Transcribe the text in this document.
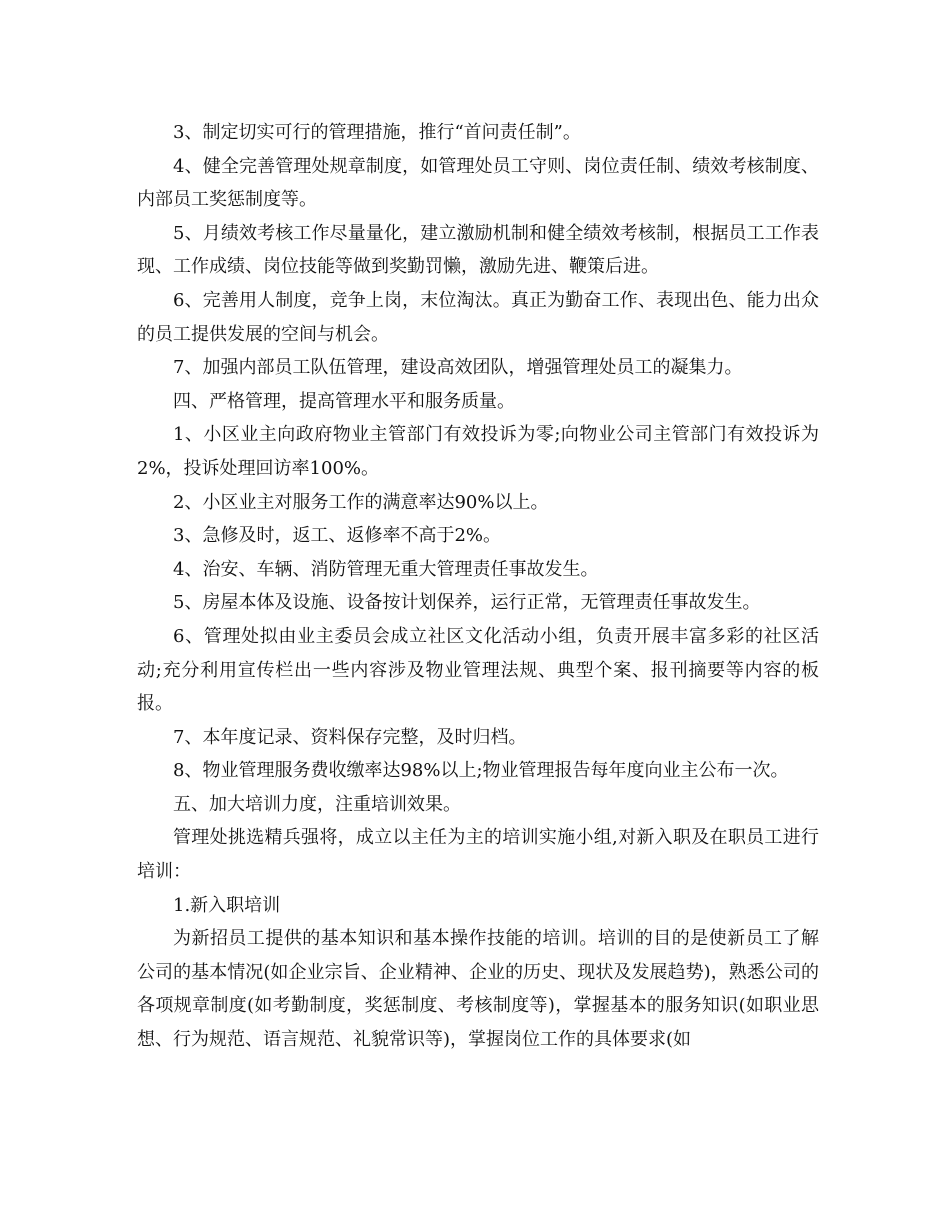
3、制定切实可行的管理措施，推行“首问责任制”。

4、健全完善管理处规章制度，如管理处员工守则、岗位责任制、绩效考核制度、内部员工奖惩制度等。

5、月绩效考核工作尽量量化，建立激励机制和健全绩效考核制，根据员工工作表现、工作成绩、岗位技能等做到奖勤罚懒，激励先进、鞭策后进。

6、完善用人制度，竞争上岗，末位淘汰。真正为勤奋工作、表现出色、能力出众的员工提供发展的空间与机会。

7、加强内部员工队伍管理，建设高效团队，增强管理处员工的凝集力。

四、严格管理，提高管理水平和服务质量。

1、小区业主向政府物业主管部门有效投诉为零;向物业公司主管部门有效投诉为2%，投诉处理回访率100%。

2、小区业主对服务工作的满意率达90%以上。

3、急修及时，返工、返修率不高于2%。

4、治安、车辆、消防管理无重大管理责任事故发生。

5、房屋本体及设施、设备按计划保养，运行正常，无管理责任事故发生。

6、管理处拟由业主委员会成立社区文化活动小组，负责开展丰富多彩的社区活动;充分利用宣传栏出一些内容涉及物业管理法规、典型个案、报刊摘要等内容的板报。

7、本年度记录、资料保存完整，及时归档。

8、物业管理服务费收缴率达98%以上;物业管理报告每年度向业主公布一次。

五、加大培训力度，注重培训效果。

管理处挑选精兵强将，成立以主任为主的培训实施小组,对新入职及在职员工进行培训：

1.新入职培训

为新招员工提供的基本知识和基本操作技能的培训。培训的目的是使新员工了解公司的基本情况(如企业宗旨、企业精神、企业的历史、现状及发展趋势)，熟悉公司的各项规章制度(如考勤制度，奖惩制度、考核制度等)，掌握基本的服务知识(如职业思想、行为规范、语言规范、礼貌常识等)，掌握岗位工作的具体要求(如
